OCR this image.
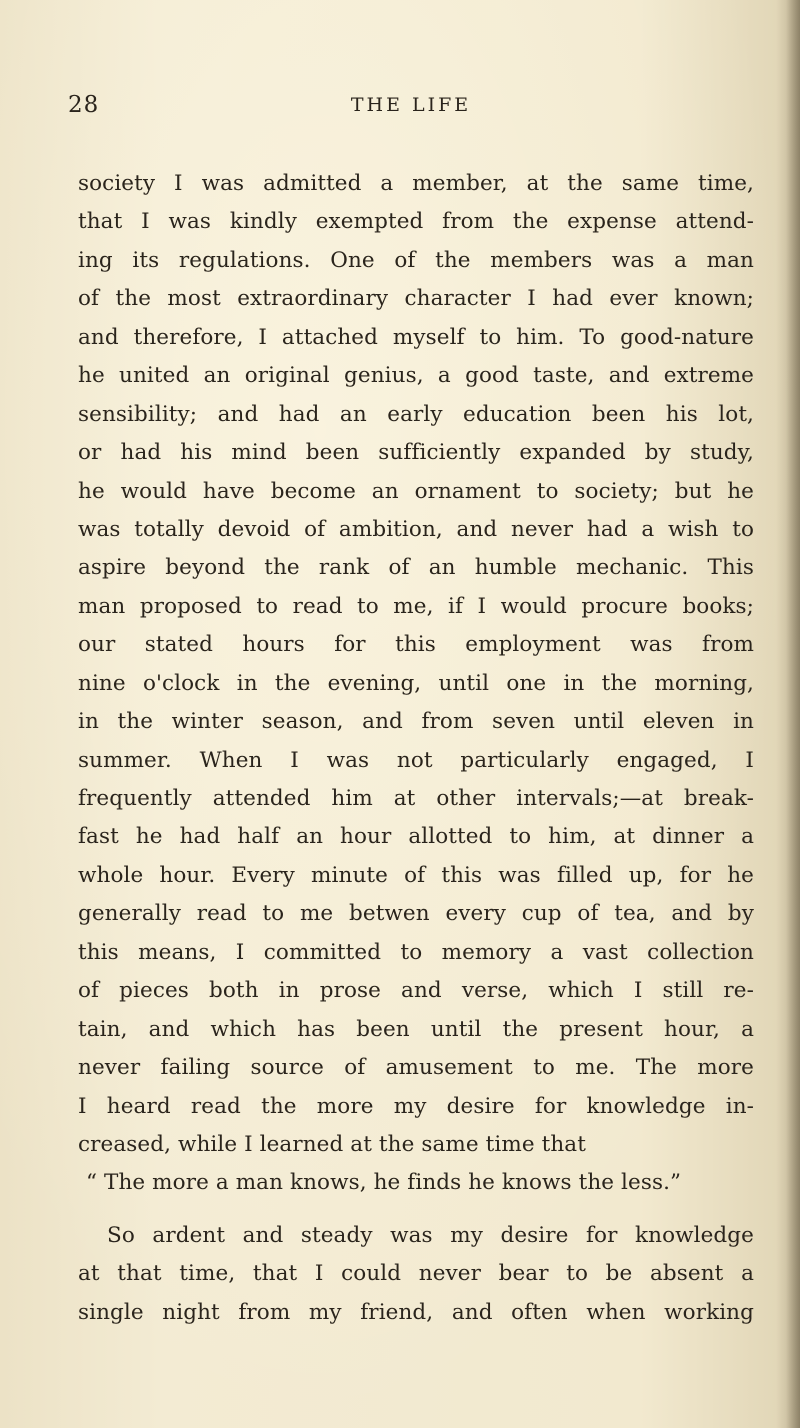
28	THE LIFE
society I was admitted a member, at the same time,
that I was kindly exempted from the expense attend-
ing its regulations. One of the members was a man
of the most extraordinary character I had ever known;
and therefore, I attached myself to him. To good-nature
he united an original genius, a good taste, and extreme
sensibility; and had an early education been his lot,
or had his mind been sufficiently expanded by study,
he would have become an ornament to society; but he
was totally devoid of ambition, and never had a wish to
aspire beyond the rank of an humble mechanic. This
man proposed to read to me, if I would procure books;
our stated hours for this employment was from
nine o'clock in the evening, until one in the morning,
in the winter season, and from seven until eleven in
summer. When I was not particularly engaged, I
frequently attended him at other intervals;—at break-
fast he had half an hour allotted to him, at dinner a
whole hour. Every minute of this was filled up, for he
generally read to me betwen every cup of tea, and by
this means, I committed to memory a vast collection
of pieces both in prose and verse, which I still re-
tain, and which has been until the present hour, a
never failing source of amusement to me. The more
I heard read the more my desire for knowledge in-
creased, while I learned at the same time that
“ The more a man knows, he finds he knows the less.”
So ardent and steady was my desire for knowledge
at that time, that I could never bear to be absent a
single night from my friend, and often when working
